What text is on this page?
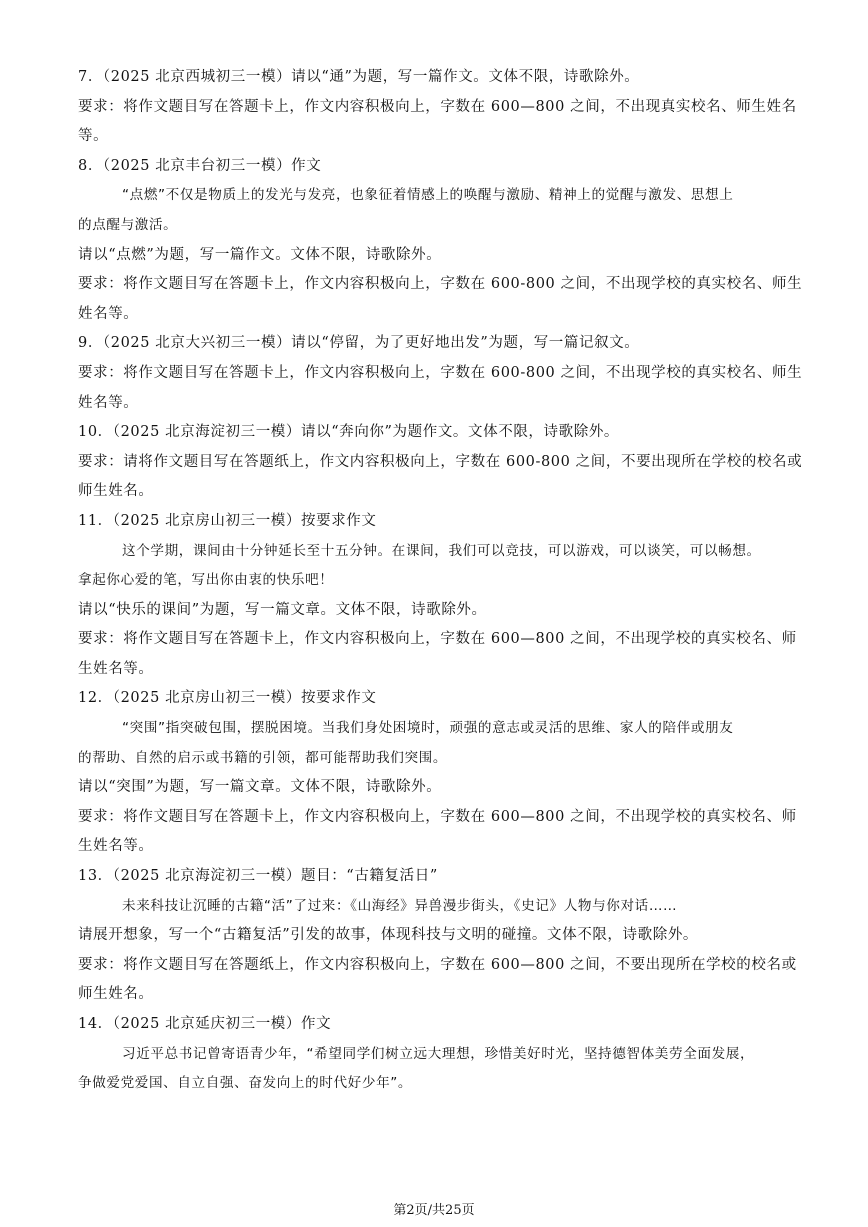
7．（2025 北京西城初三一模）请以“通”为题，写一篇作文。文体不限，诗歌除外。
要求：将作文题目写在答题卡上，作文内容积极向上，字数在 600—800 之间，不出现真实校名、师生姓名
等。
8．（2025 北京丰台初三一模）作文
“点燃”不仅是物质上的发光与发亮，也象征着情感上的唤醒与激励、精神上的觉醒与激发、思想上
的点醒与激活。
请以“点燃”为题，写一篇作文。文体不限，诗歌除外。
要求：将作文题目写在答题卡上，作文内容积极向上，字数在 600-800 之间，不出现学校的真实校名、师生
姓名等。
9．（2025 北京大兴初三一模）请以“停留，为了更好地出发”为题，写一篇记叙文。
要求：将作文题目写在答题卡上，作文内容积极向上，字数在 600-800 之间，不出现学校的真实校名、师生
姓名等。
10．（2025 北京海淀初三一模）请以“奔向你”为题作文。文体不限，诗歌除外。
要求：请将作文题目写在答题纸上，作文内容积极向上，字数在 600-800 之间，不要出现所在学校的校名或
师生姓名。
11．（2025 北京房山初三一模）按要求作文
这个学期，课间由十分钟延长至十五分钟。在课间，我们可以竞技，可以游戏，可以谈笑，可以畅想。
拿起你心爱的笔，写出你由衷的快乐吧！
请以“快乐的课间”为题，写一篇文章。文体不限，诗歌除外。
要求：将作文题目写在答题卡上，作文内容积极向上，字数在 600—800 之间，不出现学校的真实校名、师
生姓名等。
12．（2025 北京房山初三一模）按要求作文
“突围”指突破包围，摆脱困境。当我们身处困境时，顽强的意志或灵活的思维、家人的陪伴或朋友
的帮助、自然的启示或书籍的引领，都可能帮助我们突围。
请以“突围”为题，写一篇文章。文体不限，诗歌除外。
要求：将作文题目写在答题卡上，作文内容积极向上，字数在 600—800 之间，不出现学校的真实校名、师
生姓名等。
13．（2025 北京海淀初三一模）题目：“古籍复活日”
未来科技让沉睡的古籍“活”了过来：《山海经》异兽漫步街头，《史记》人物与你对话……
请展开想象，写一个“古籍复活”引发的故事，体现科技与文明的碰撞。文体不限，诗歌除外。
要求：将作文题目写在答题纸上，作文内容积极向上，字数在 600—800 之间，不要出现所在学校的校名或
师生姓名。
14．（2025 北京延庆初三一模）作文
习近平总书记曾寄语青少年，“希望同学们树立远大理想，珍惜美好时光，坚持德智体美劳全面发展，
争做爱党爱国、自立自强、奋发向上的时代好少年”。
第2页/共25页
